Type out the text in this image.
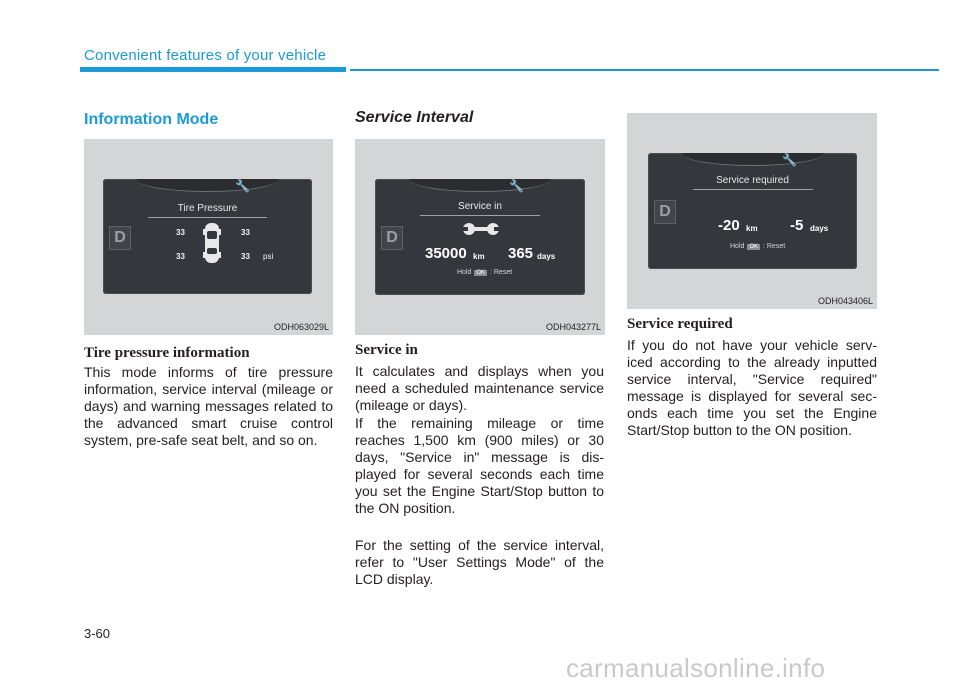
Convenient features of your vehicle
Information Mode
🔧
D
Tire Pressure
33	33
33	33 psi
ODH063029L
Tire pressure information
This mode informs of tire pressure information, service interval (mileage or days) and warning messages related to the advanced smart cruise control system, pre-safe seat belt, and so on.
Service Interval
🔧
D
Service in
35000 km 365 days
Hold OK : Reset
ODH043277L
Service in
It calculates and displays when you need a scheduled maintenance service (mileage or days).
If the remaining mileage or time reaches 1,500 km (900 miles) or 30 days, "Service in" message is dis-played for several seconds each time you set the Engine Start/Stop button to the ON position.
For the setting of the service interval, refer to "User Settings Mode" of the LCD display.
🔧
D
Service required
-20 km -5 days
Hold OK : Reset
ODH043406L
Service required
If you do not have your vehicle serv-iced according to the already inputted service interval, "Service required" message is displayed for several sec-onds each time you set the Engine Start/Stop button to the ON position.
3-60
carmanualsonline.info
